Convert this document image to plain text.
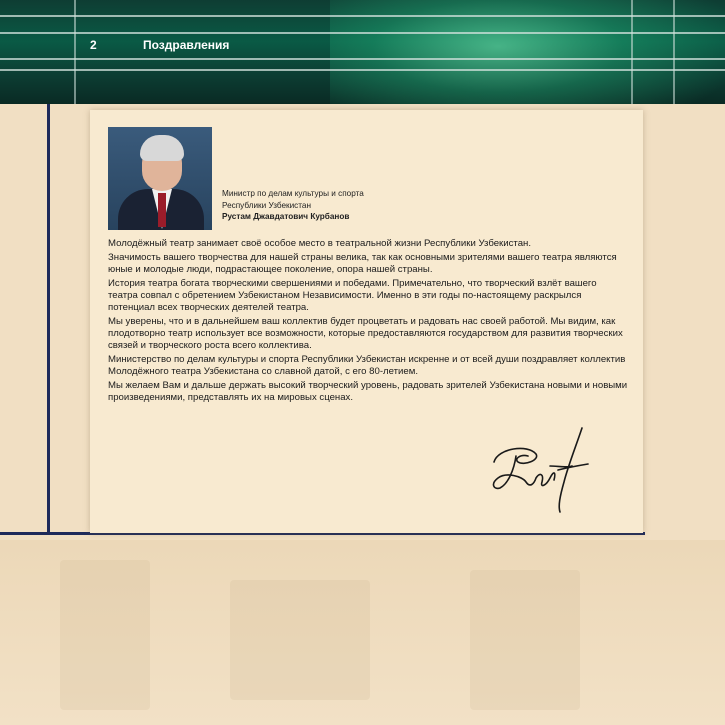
2	Поздравления
Министр по делам культуры и спорта
Республики Узбекистан
Рустам Джавдатович Курбанов

Молодёжный театр занимает своё особое место в театральной жизни Республики Узбекистан.

Значимость вашего творчества для нашей страны велика, так как основными зрителями вашего театра являются юные и молодые люди, подрастающее поколение, опора нашей страны.

История театра богата творческими свершениями и победами. Примечательно, что творческий взлёт вашего театра совпал с обретением Узбекистаном Независимости. Именно в эти годы по-настоящему раскрылся потенциал всех творческих деятелей театра.

Мы уверены, что и в дальнейшем ваш коллектив будет процветать и радовать нас своей работой. Мы видим, как плодотворно театр использует все возможности, которые предоставляются государством для развития творческих связей и творческого роста всего коллектива.

Министерство по делам культуры и спорта Республики Узбекистан искренне и от всей души поздравляет коллектив Молодёжного театра Узбекистана со славной датой, с его 80-летием.

Мы желаем Вам и дальше держать высокий творческий уровень, радовать зрителей Узбекистана новыми и новыми произведениями, представлять их на мировых сценах.
